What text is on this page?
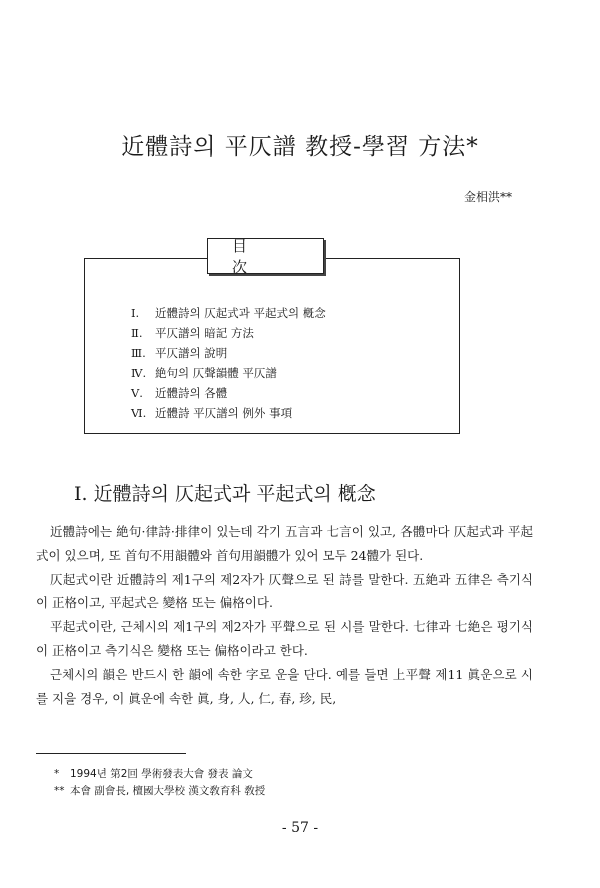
近體詩의 平仄譜 教授-學習 方法*
金相洪**
目 次
Ⅰ. 近體詩의 仄起式과 平起式의 槪念
Ⅱ. 平仄譜의 暗記 方法
Ⅲ. 平仄譜의 說明
Ⅳ. 絶句의 仄聲韻體 平仄譜
Ⅴ. 近體詩의 各體
Ⅵ. 近體詩 平仄譜의 例外 事項
Ⅰ. 近體詩의 仄起式과 平起式의 槪念

近體詩에는 絶句·律詩·排律이 있는데 각기 五言과 七言이 있고, 各體마다 仄起式과 平起式이 있으며, 또 首句不用韻體와 首句用韻體가 있어 모두 24體가 된다.

仄起式이란 近體詩의 제1구의 제2자가 仄聲으로 된 詩를 말한다. 五絶과 五律은 측기식이 正格이고, 平起式은 變格 또는 偏格이다.

平起式이란, 근체시의 제1구의 제2자가 平聲으로 된 시를 말한다. 七律과 七絶은 평기식이 正格이고 측기식은 變格 또는 偏格이라고 한다.

근체시의 韻은 반드시 한 韻에 속한 字로 운을 단다. 예를 들면 上平聲 제11 眞운으로 시를 지을 경우, 이 眞운에 속한 眞, 身, 人, 仁, 春, 珍, 民,

* 1994년 第2回 學術發表大會 發表 論文
** 本會 副會長, 檀國大學校 漢文敎育科 敎授
- 57 -
